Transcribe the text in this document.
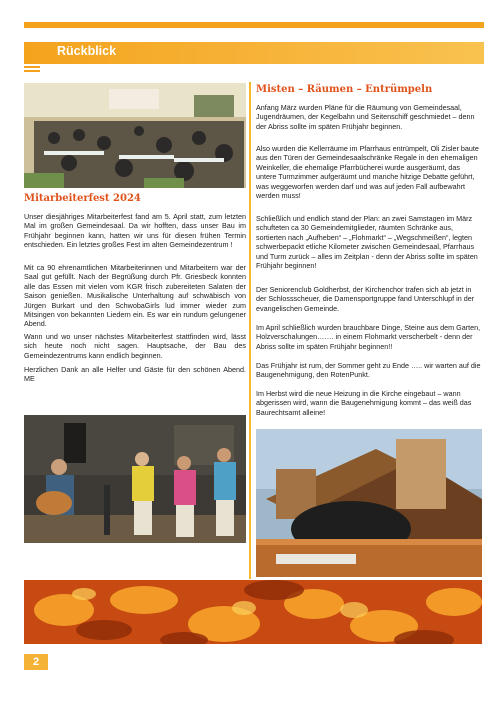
Rückblick
Mitarbeiterfest 2024
Unser diesjähriges Mitarbeiterfest fand am 5. April statt, zum letzten Mal im großen Gemeindesaal. Da wir hofften, dass unser Bau im Frühjahr beginnen kann, hatten wir uns für diesen frühen Termin entschieden. Ein letztes großes Fest im alten Gemeindezentrum !
Mit ca 90 ehrenamtlichen Mitarbeiterinnen und Mitarbeitern war der Saal gut gefüllt. Nach der Begrüßung durch Pfr. Griesbeck konnten alle das Essen mit vielen vom KGR frisch zubereiteten Salaten der Saison genießen. Musikalische Unterhaltung auf schwäbisch von Jürgen Burkart und den SchwobaGirls lud immer wieder zum Mitsingen von bekannten Liedern ein. Es war ein rundum gelungener Abend.
Wann und wo unser nächstes Mitarbeiterfest stattfinden wird, lässt sich heute noch nicht sagen. Hauptsache, der Bau des Gemeindezentrums kann endlich beginnen.
Herzlichen Dank an alle Helfer und Gäste für den schönen Abend. ME
Misten – Räumen – Entrümpeln
Anfang März wurden Pläne für die Räumung von Gemeindesaal, Jugendräumen, der Kegelbahn und Seitenschiff geschmiedet – denn der Abriss sollte im späten Frühjahr beginnen.
Also wurden die Kellerräume im Pfarrhaus entrümpelt, Oli Zisler baute aus den Türen der Gemeindesaalschränke Regale in den ehemaligen Weinkeller, die ehemalige Pfarrbücherei wurde ausgeräumt, das untere Turmzimmer aufgeräumt und manche hitzige Debatte geführt, was weggeworfen werden darf und was auf jeden Fall aufbewahrt werden muss!
Schließlich und endlich stand der Plan: an zwei Samstagen im März schufteten ca 30 Gemeindemitglieder, räumten Schränke aus, sortierten nach „Aufheben“ – „Flohmarkt“ – „Wegschmeißen“, legten schwerbepackt etliche Kilometer zwischen Gemeindesaal, Pfarrhaus und Turm zurück – alles im Zeitplan - denn der Abriss sollte im späten Frühjahr beginnen!
Der Seniorenclub Goldherbst, der Kirchenchor trafen sich ab jetzt in der Schlossscheuer, die Damensportgruppe fand Unterschlupf in der evangelischen Gemeinde.
Im April schließlich wurden brauchbare Dinge, Steine aus dem Garten, Holzverschalungen……. in einem Flohmarkt verscherbelt - denn der Abriss sollte im späten Frühjahr beginnen!!
Das Frühjahr ist rum, der Sommer geht zu Ende ….. wir warten auf die Baugenehmigung, den RotenPunkt.
Im Herbst wird die neue Heizung in die Kirche eingebaut – wann abgerissen wird, wann die Baugenehmigung kommt – das weiß das Baurechtsamt alleine!
2
